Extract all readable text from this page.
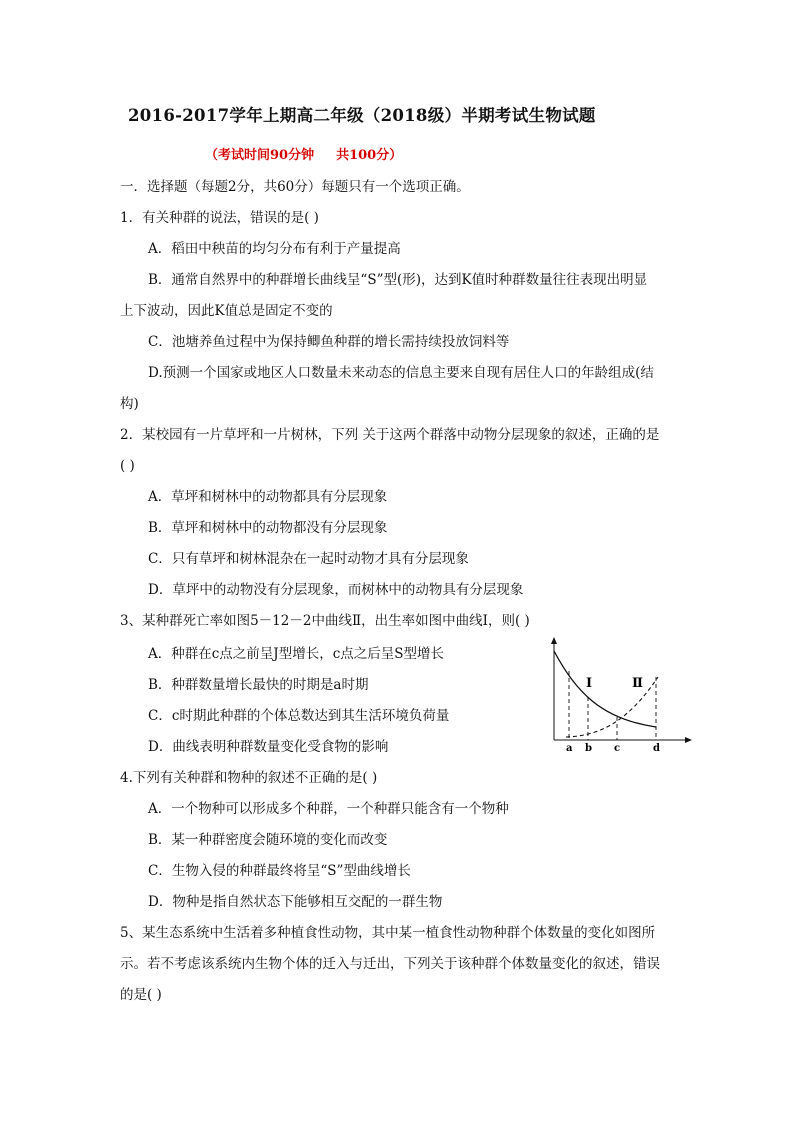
2016-2017学年上期高二年级（2018级）半期考试生物试题
（考试时间90分钟 共100分）
一．选择题（每题2分，共60分）每题只有一个选项正确。
1．有关种群的说法，错误的是( )
A．稻田中秧苗的均匀分布有利于产量提高
B．通常自然界中的种群增长曲线呈“S”型(形)，达到K值时种群数量往往表现出明显
上下波动，因此K值总是固定不变的
C．池塘养鱼过程中为保持鲫鱼种群的增长需持续投放饲料等
D.预测一个国家或地区人口数量未来动态的信息主要来自现有居住人口的年龄组成(结
构)
2．某校园有一片草坪和一片树林，下列 关于这两个群落中动物分层现象的叙述，正确的是
( )
A．草坪和树林中的动物都具有分层现象
B．草坪和树林中的动物都没有分层现象
C．只有草坪和树林混杂在一起时动物才具有分层现象
D．草坪中的动物没有分层现象，而树林中的动物具有分层现象
3、某种群死亡率如图5－12－2中曲线Ⅱ，出生率如图中曲线Ⅰ，则( )
A．种群在c点之前呈J型增长，c点之后呈S型增长
B．种群数量增长最快的时期是a时期
C．c时期此种群的个体总数达到其生活环境负荷量
D．曲线表明种群数量变化受食物的影响
Ⅰ	Ⅱ
a b c	d
4.下列有关种群和物种的叙述不正确的是( )
A．一个物种可以形成多个种群，一个种群只能含有一个物种
B．某一种群密度会随环境的变化而改变
C．生物入侵的种群最终将呈“S”型曲线增长
D．物种是指自然状态下能够相互交配的一群生物
5、某生态系统中生活着多种植食性动物，其中某一植食性动物种群个体数量的变化如图所
示。若不考虑该系统内生物个体的迁入与迁出，下列关于该种群个体数量变化的叙述，错误
的是( )
